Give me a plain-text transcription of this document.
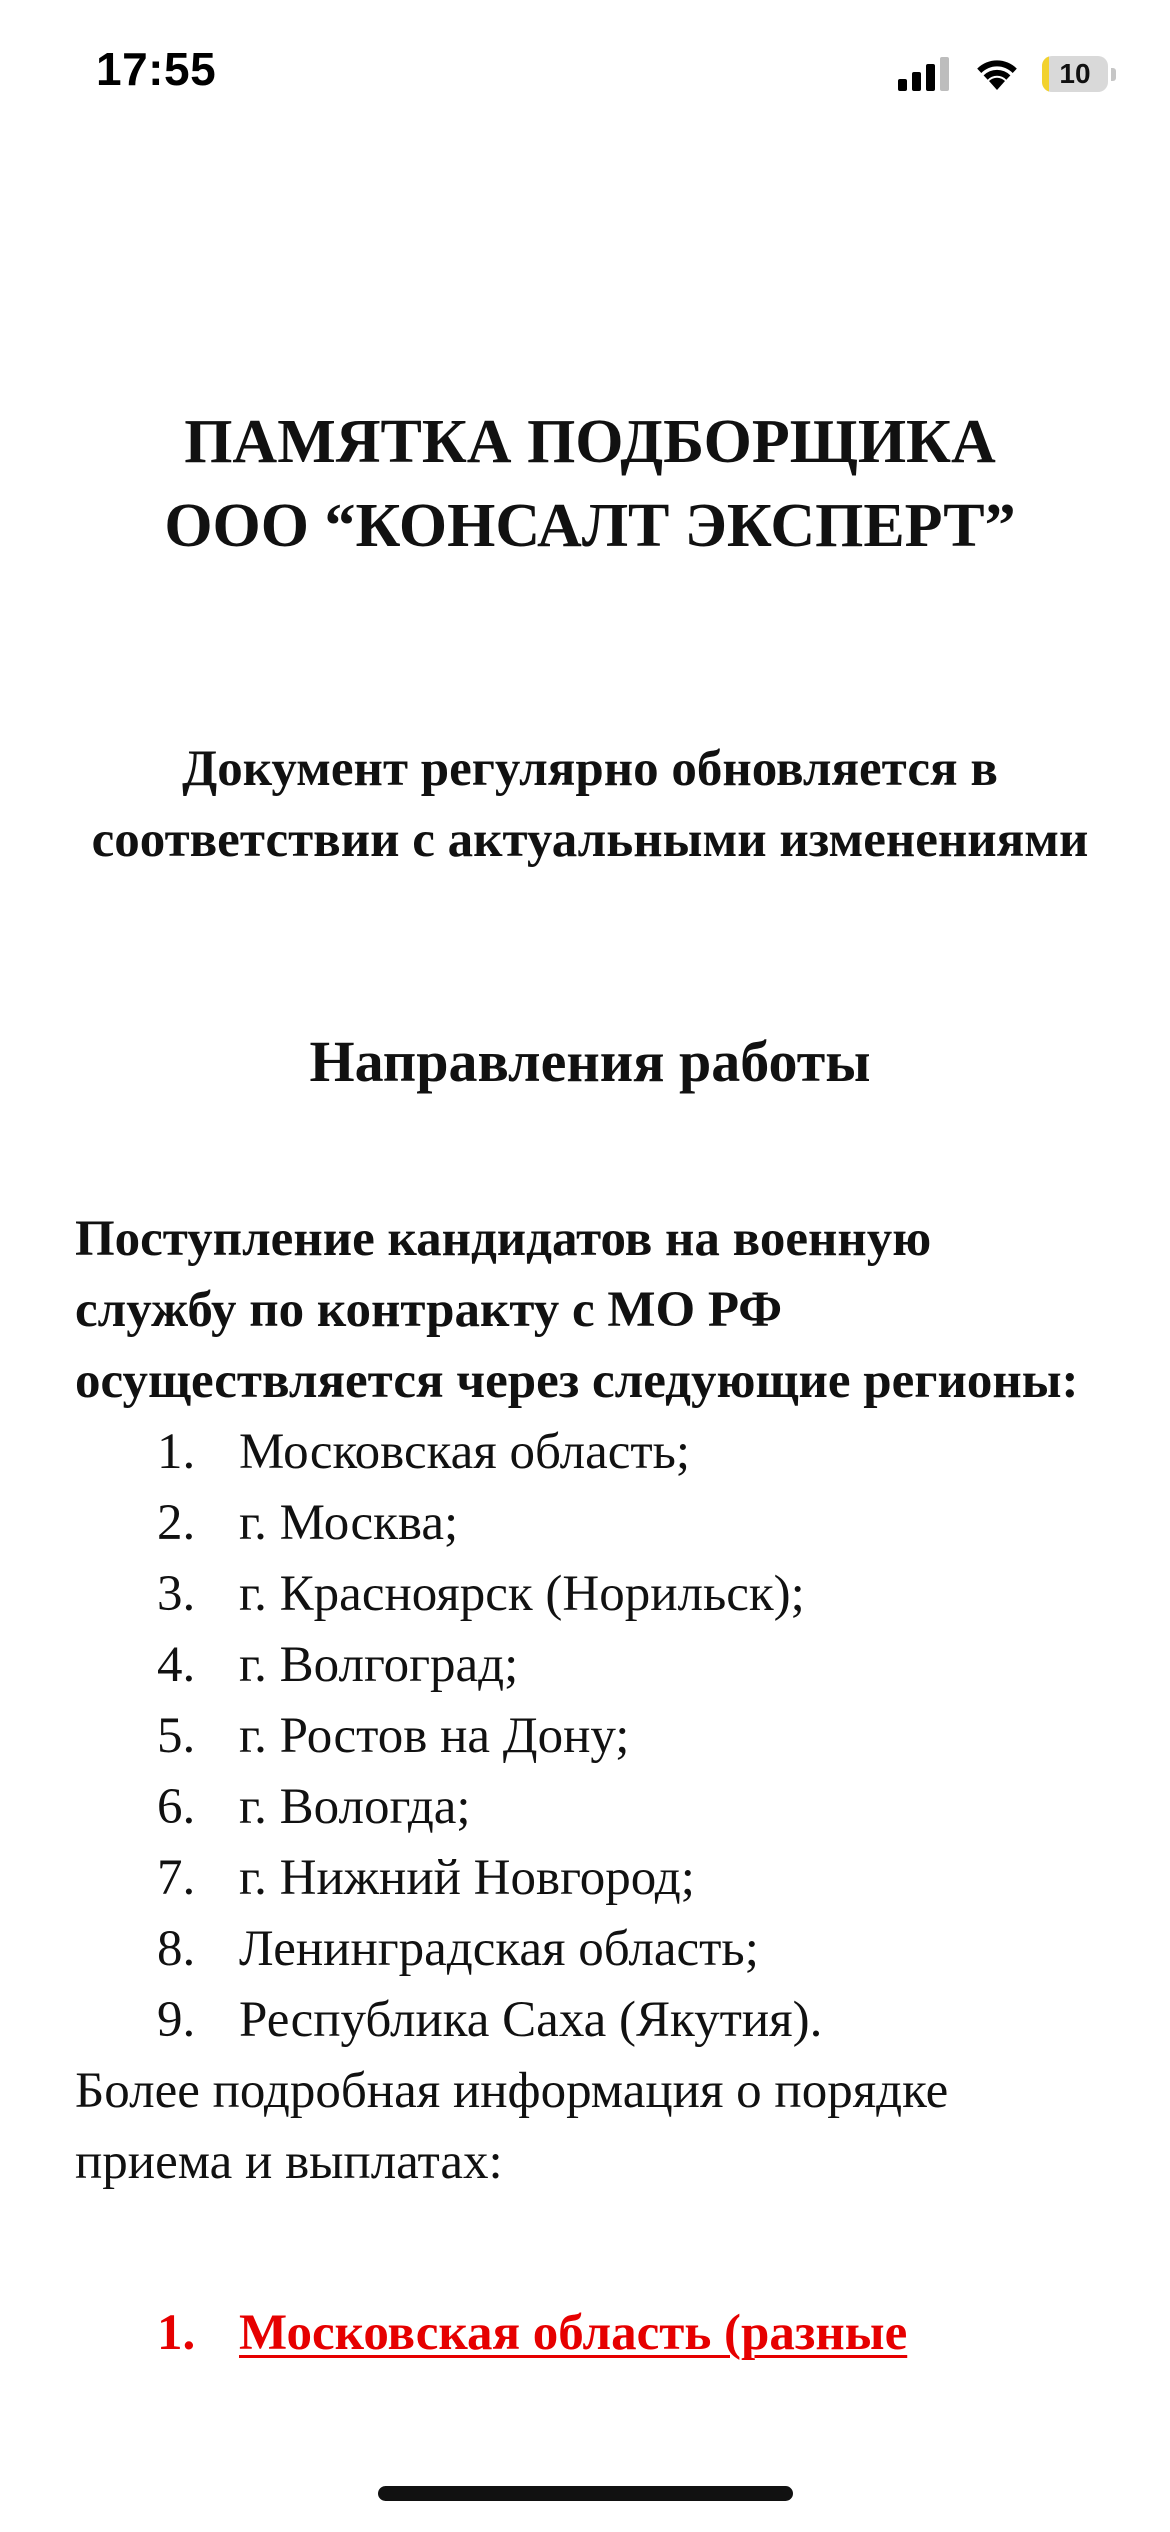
17:55	10
ПАМЯТКА ПОДБОРЩИКА
ООО “КОНСАЛТ ЭКСПЕРТ”

Документ регулярно обновляется в соответствии с актуальными изменениями

Направления работы

Поступление кандидатов на военную службу по контракту с МО РФ осуществляется через следующие регионы:

1. Московская область;
2. г. Москва;
3. г. Красноярск (Норильск);
4. г. Волгоград;
5. г. Ростов на Дону;
6. г. Вологда;
7. г. Нижний Новгород;
8. Ленинградская область;
9. Республика Саха (Якутия).

Более подробная информация о порядке приема и выплатах:

1. Московская область (разные
